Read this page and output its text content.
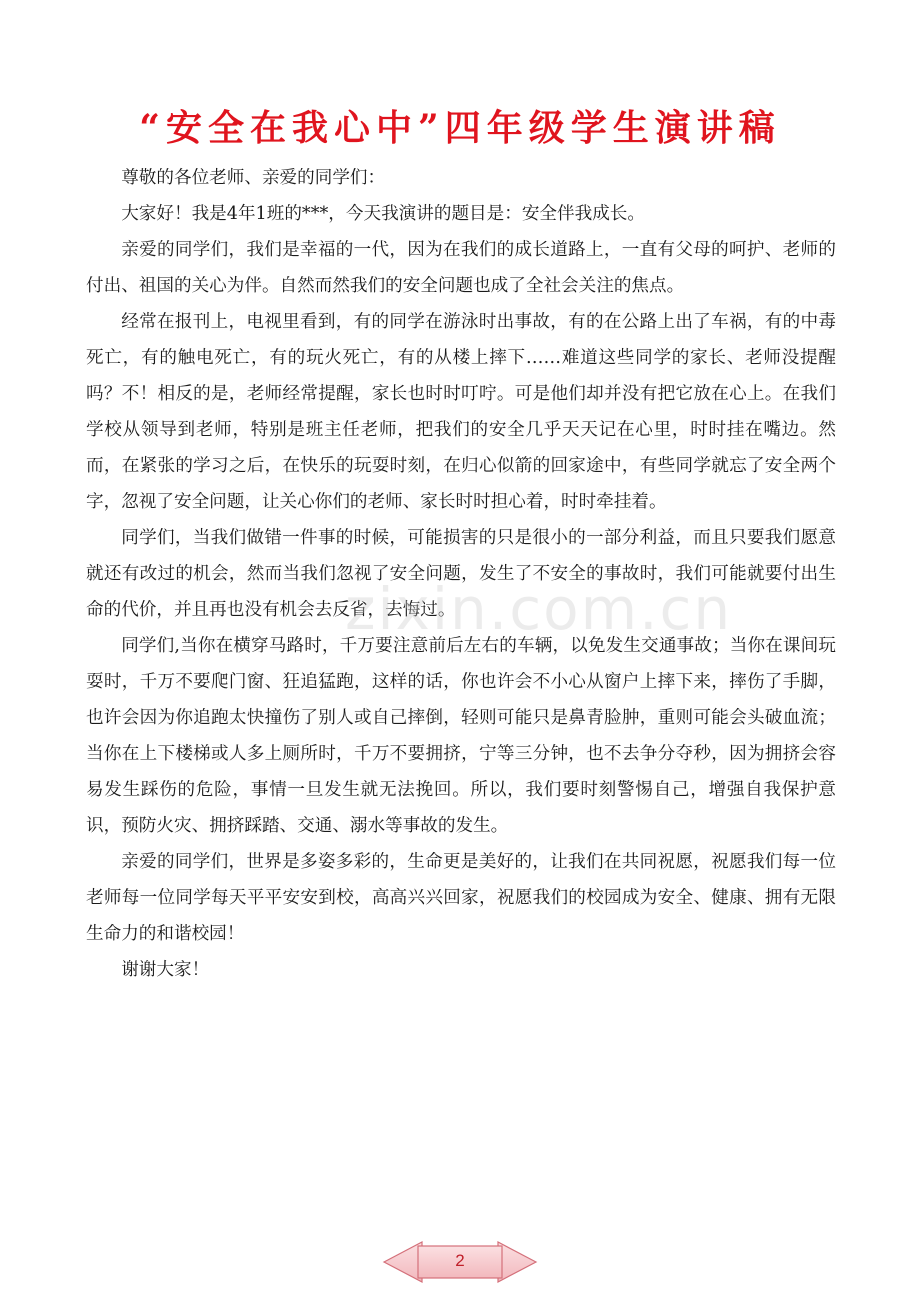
“安全在我心中”四年级学生演讲稿

尊敬的各位老师、亲爱的同学们：

大家好！我是4年1班的***，今天我演讲的题目是：安全伴我成长。

亲爱的同学们，我们是幸福的一代，因为在我们的成长道路上，一直有父母的呵护、老师的付出、祖国的关心为伴。自然而然我们的安全问题也成了全社会关注的焦点。

经常在报刊上，电视里看到，有的同学在游泳时出事故，有的在公路上出了车祸，有的中毒死亡，有的触电死亡，有的玩火死亡，有的从楼上摔下……难道这些同学的家长、老师没提醒吗？不！相反的是，老师经常提醒，家长也时时叮咛。可是他们却并没有把它放在心上。在我们学校从领导到老师，特别是班主任老师，把我们的安全几乎天天记在心里，时时挂在嘴边。然而，在紧张的学习之后，在快乐的玩耍时刻，在归心似箭的回家途中，有些同学就忘了安全两个字，忽视了安全问题，让关心你们的老师、家长时时担心着，时时牵挂着。

同学们，当我们做错一件事的时候，可能损害的只是很小的一部分利益，而且只要我们愿意就还有改过的机会，然而当我们忽视了安全问题，发生了不安全的事故时，我们可能就要付出生命的代价，并且再也没有机会去反省，去悔过。

同学们,当你在横穿马路时，千万要注意前后左右的车辆，以免发生交通事故；当你在课间玩耍时，千万不要爬门窗、狂追猛跑，这样的话，你也许会不小心从窗户上摔下来，摔伤了手脚，也许会因为你追跑太快撞伤了别人或自己摔倒，轻则可能只是鼻青脸肿，重则可能会头破血流；当你在上下楼梯或人多上厕所时，千万不要拥挤，宁等三分钟，也不去争分夺秒，因为拥挤会容易发生踩伤的危险，事情一旦发生就无法挽回。所以，我们要时刻警惕自己，增强自我保护意识，预防火灾、拥挤踩踏、交通、溺水等事故的发生。

亲爱的同学们，世界是多姿多彩的，生命更是美好的，让我们在共同祝愿，祝愿我们每一位老师每一位同学每天平平安安到校，高高兴兴回家，祝愿我们的校园成为安全、健康、拥有无限生命力的和谐校园！

谢谢大家！

zixin.com.cn
2
